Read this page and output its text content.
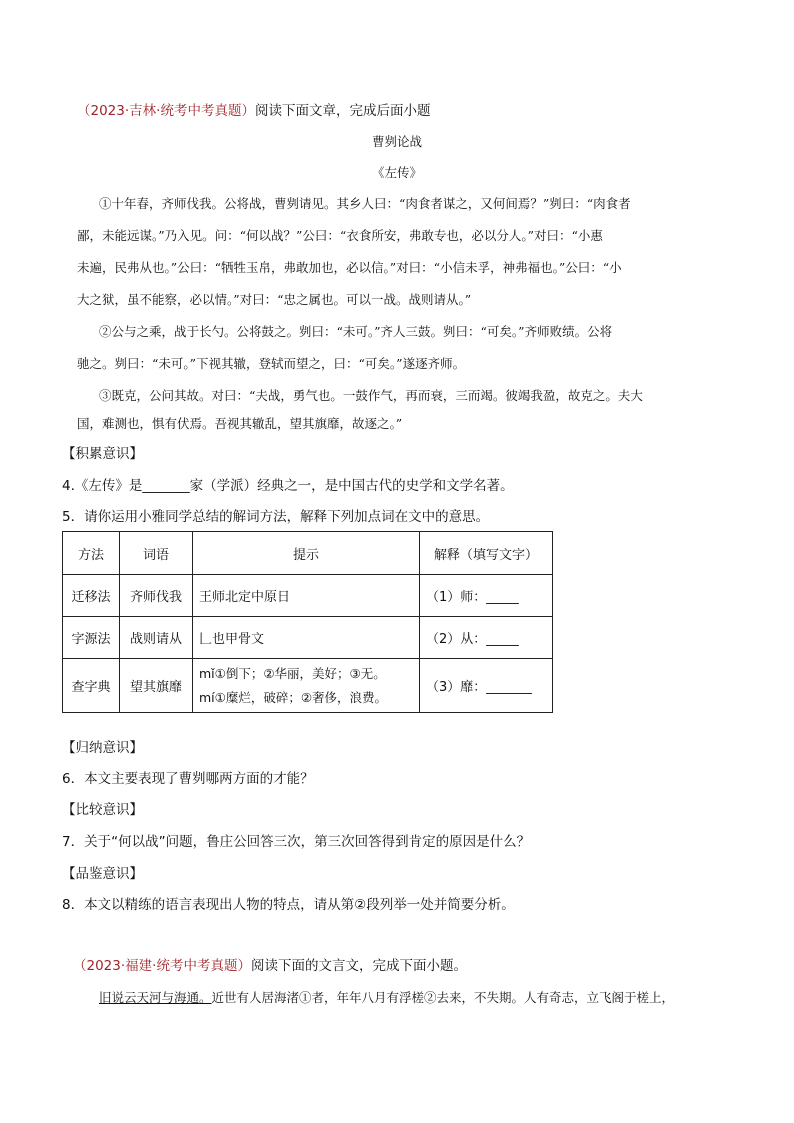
（2023·吉林·统考中考真题）阅读下面文章，完成后面小题
曹刿论战
《左传》
①十年春，齐师伐我。公将战，曹刿请见。其乡人曰：“肉食者谋之，又何间焉？”刿曰：“肉食者
鄙，未能远谋。”乃入见。问：“何以战？”公曰：“衣食所安，弗敢专也，必以分人。”对曰：“小惠
未遍，民弗从也。”公曰：“牺牲玉帛，弗敢加也，必以信。”对曰：“小信未孚，神弗福也。”公曰：“小
大之狱，虽不能察，必以情。”对曰：“忠之属也。可以一战。战则请从。”
②公与之乘，战于长勺。公将鼓之。刿曰：“未可。”齐人三鼓。刿曰：“可矣。”齐师败绩。公将
驰之。刿曰：“未可。”下视其辙，登轼而望之，曰：“可矣。”遂逐齐师。
③既克，公问其故。对曰：“夫战，勇气也。一鼓作气，再而衰，三而竭。彼竭我盈，故克之。夫大
国，难测也，惧有伏焉。吾视其辙乱，望其旗靡，故逐之。”
【积累意识】
4.《左传》是_______家（学派）经典之一，是中国古代的史学和文学名著。
5．请你运用小雅同学总结的解词方法，解释下列加点词在文中的意思。
方法	词语	提示	解释（填写文字）
迁移法	齐师伐我	王师北定中原日	（1）师：_____
字源法	战则请从	𠃊也甲骨文	（2）从：_____
查字典	望其旗靡	mǐ①倒下；②华丽，美好；③无。
mí①糜烂，破碎；②奢侈，浪费。	（3）靡：_______
【归纳意识】
6．本文主要表现了曹刿哪两方面的才能？
【比较意识】
7．关于“何以战”问题，鲁庄公回答三次，第三次回答得到肯定的原因是什么？
【品鉴意识】
8．本文以精练的语言表现出人物的特点，请从第②段列举一处并简要分析。
（2023·福建·统考中考真题）阅读下面的文言文，完成下面小题。
旧说云天河与海通。近世有人居海渚①者，年年八月有浮槎②去来，不失期。人有奇志，立飞阁于槎上，
